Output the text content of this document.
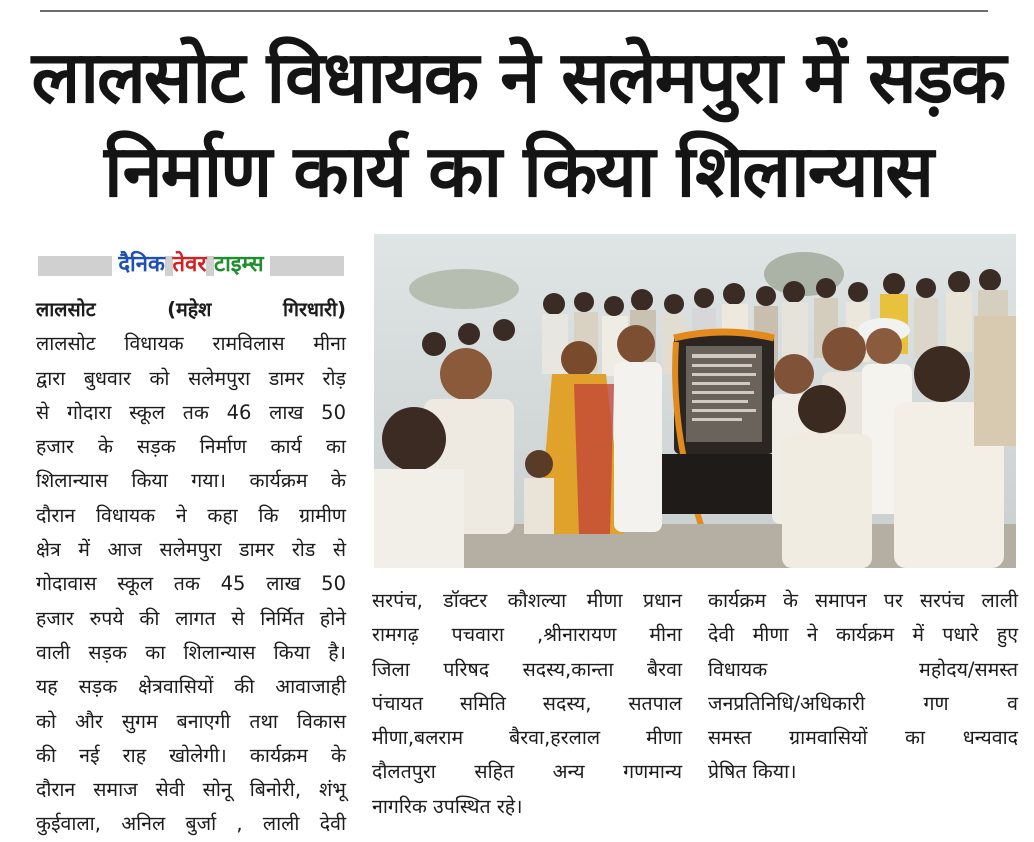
लालसोट विधायक ने सलेमपुरा में सड़क
निर्माण कार्य का किया शिलान्यास
दैनिक तेवर टाइम्स
लालसोट (महेश गिरधारी)
लालसोट विधायक रामविलास मीना
द्वारा बुधवार को सलेमपुरा डामर रोड़
से गोदारा स्कूल तक 46 लाख 50
हजार के सड़क निर्माण कार्य का
शिलान्यास किया गया। कार्यक्रम के
दौरान विधायक ने कहा कि ग्रामीण
क्षेत्र में आज सलेमपुरा डामर रोड से
गोदावास स्कूल तक 45 लाख 50
हजार रुपये की लागत से निर्मित होने
वाली सड़क का शिलान्यास किया है।
यह सड़क क्षेत्रवासियों की आवाजाही
को और सुगम बनाएगी तथा विकास
की नई राह खोलेगी। कार्यक्रम के
दौरान समाज सेवी सोनू बिनोरी, शंभू
कुईवाला, अनिल बुर्जा , लाली देवी
सरपंच, डॉक्टर कौशल्या मीणा प्रधान
रामगढ़ पचवारा ,श्रीनारायण मीना
जिला परिषद सदस्य,कान्ता बैरवा
पंचायत समिति सदस्य, सतपाल
मीणा,बलराम बैरवा,हरलाल मीणा
दौलतपुरा सहित अन्य गणमान्य
नागरिक उपस्थित रहे।
कार्यक्रम के समापन पर सरपंच लाली
देवी मीणा ने कार्यक्रम में पधारे हुए
विधायक महोदय/समस्त
जनप्रतिनिधि/अधिकारी गण व
समस्त ग्रामवासियों का धन्यवाद
प्रेषित किया।
